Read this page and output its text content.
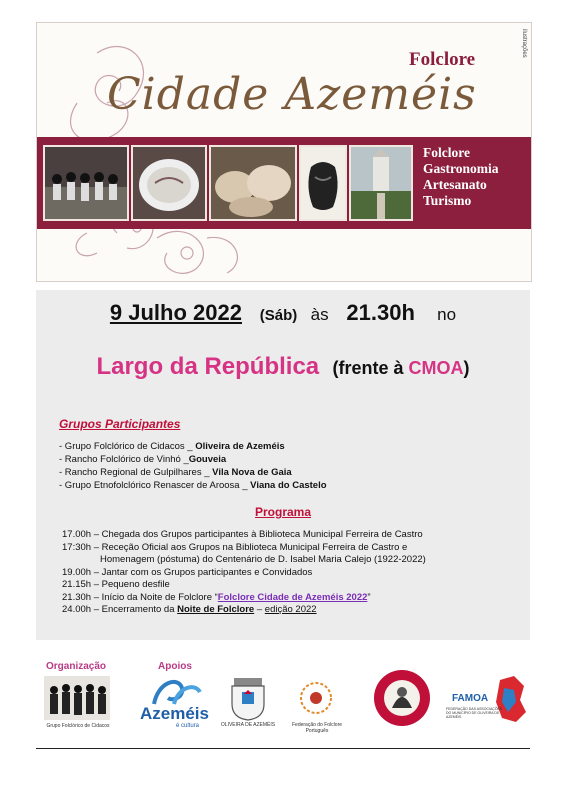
Folclore
Cidade Azeméis
ilustrações
Folclore
Gastronomia
Artesanato
Turismo
9 Julho 2022 (Sáb) às 21.30h no
Largo da República (frente à CMOA)
Grupos Participantes
- Grupo Folclórico de Cidacos _ Oliveira de Azeméis
- Rancho Folclórico de Vinhó _Gouveia
- Rancho Regional de Gulpilhares _ Vila Nova de Gaia
- Grupo Etnofolclórico Renascer de Aroosa _ Viana do Castelo
Programa
17.00h – Chegada dos Grupos participantes à Biblioteca Municipal Ferreira de Castro
17:30h – Receção Oficial aos Grupos na Biblioteca Municipal Ferreira de Castro e
Homenagem (póstuma) do Centenário de D. Isabel Maria Calejo (1922-2022)
19.00h – Jantar com os Grupos participantes e Convidados
21.15h – Pequeno desfile
21.30h – Início da Noite de Folclore “Folclore Cidade de Azeméis 2022”
24.00h – Encerramento da Noite de Folclore – edição 2022
Organização	Apoios
Grupo Folclórico de Cidacos
Azeméis
é cultura	OLIVEIRA DE AZEMÉIS	Federação do Folclore Português
FAMOA
FEDERAÇÃO DAS ASSOCIAÇÕES DO MUNICÍPIO DE OLIVEIRA DE AZEMÉIS
